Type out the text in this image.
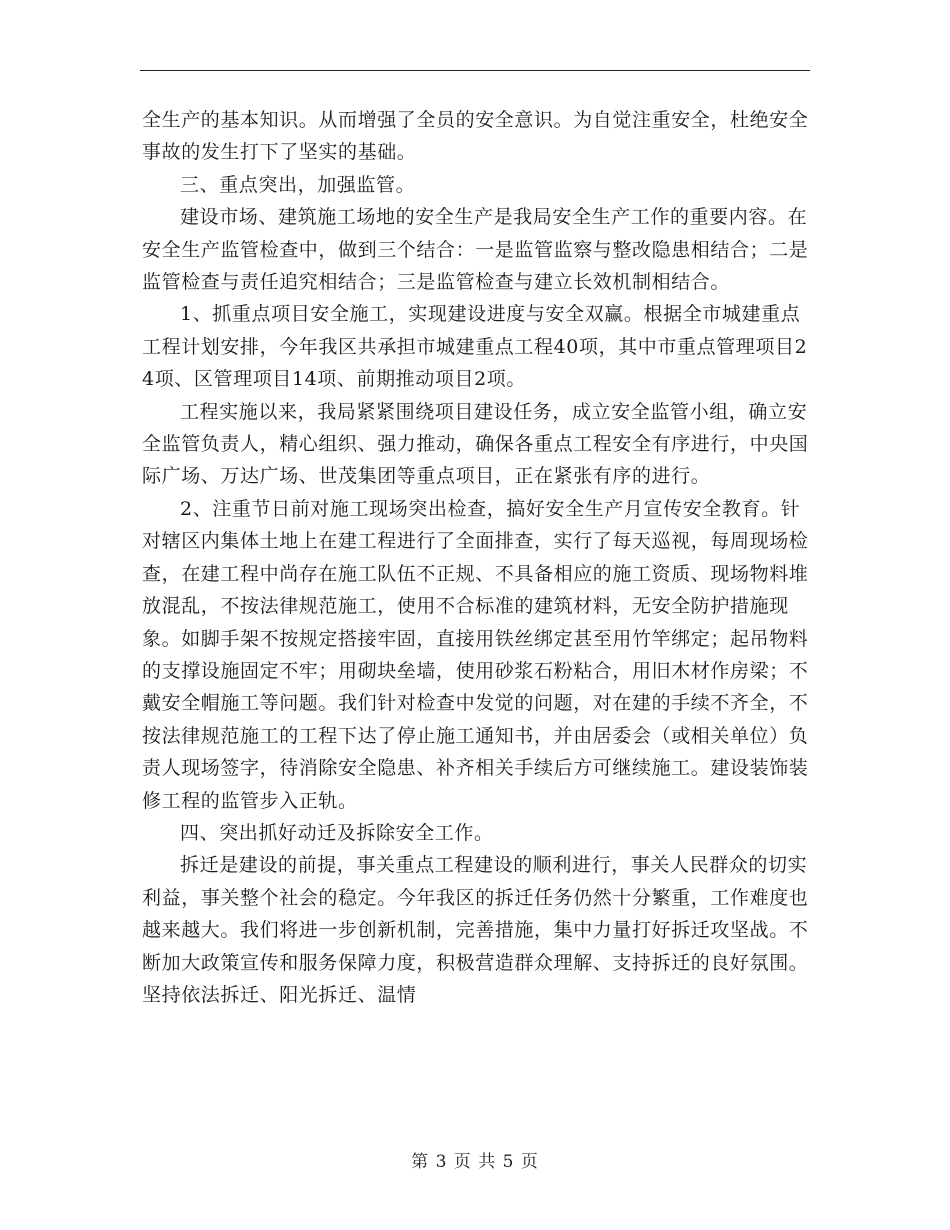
全生产的基本知识。从而增强了全员的安全意识。为自觉注重安全，杜绝安全事故的发生打下了坚实的基础。

三、重点突出，加强监管。

建设市场、建筑施工场地的安全生产是我局安全生产工作的重要内容。在安全生产监管检查中，做到三个结合：一是监管监察与整改隐患相结合；二是监管检查与责任追究相结合；三是监管检查与建立长效机制相结合。

1、抓重点项目安全施工，实现建设进度与安全双赢。根据全市城建重点工程计划安排，今年我区共承担市城建重点工程40项，其中市重点管理项目24项、区管理项目14项、前期推动项目2项。

工程实施以来，我局紧紧围绕项目建设任务，成立安全监管小组，确立安全监管负责人，精心组织、强力推动，确保各重点工程安全有序进行，中央国际广场、万达广场、世茂集团等重点项目，正在紧张有序的进行。

2、注重节日前对施工现场突出检查，搞好安全生产月宣传安全教育。针对辖区内集体土地上在建工程进行了全面排查，实行了每天巡视，每周现场检查，在建工程中尚存在施工队伍不正规、不具备相应的施工资质、现场物料堆放混乱，不按法律规范施工，使用不合标准的建筑材料，无安全防护措施现象。如脚手架不按规定搭接牢固，直接用铁丝绑定甚至用竹竿绑定；起吊物料的支撑设施固定不牢；用砌块垒墙，使用砂浆石粉粘合，用旧木材作房梁；不戴安全帽施工等问题。我们针对检查中发觉的问题，对在建的手续不齐全，不按法律规范施工的工程下达了停止施工通知书，并由居委会（或相关单位）负责人现场签字，待消除安全隐患、补齐相关手续后方可继续施工。建设装饰装修工程的监管步入正轨。

四、突出抓好动迁及拆除安全工作。

拆迁是建设的前提，事关重点工程建设的顺利进行，事关人民群众的切实利益，事关整个社会的稳定。今年我区的拆迁任务仍然十分繁重，工作难度也越来越大。我们将进一步创新机制，完善措施，集中力量打好拆迁攻坚战。不断加大政策宣传和服务保障力度，积极营造群众理解、支持拆迁的良好氛围。坚持依法拆迁、阳光拆迁、温情

第 3 页 共 5 页
